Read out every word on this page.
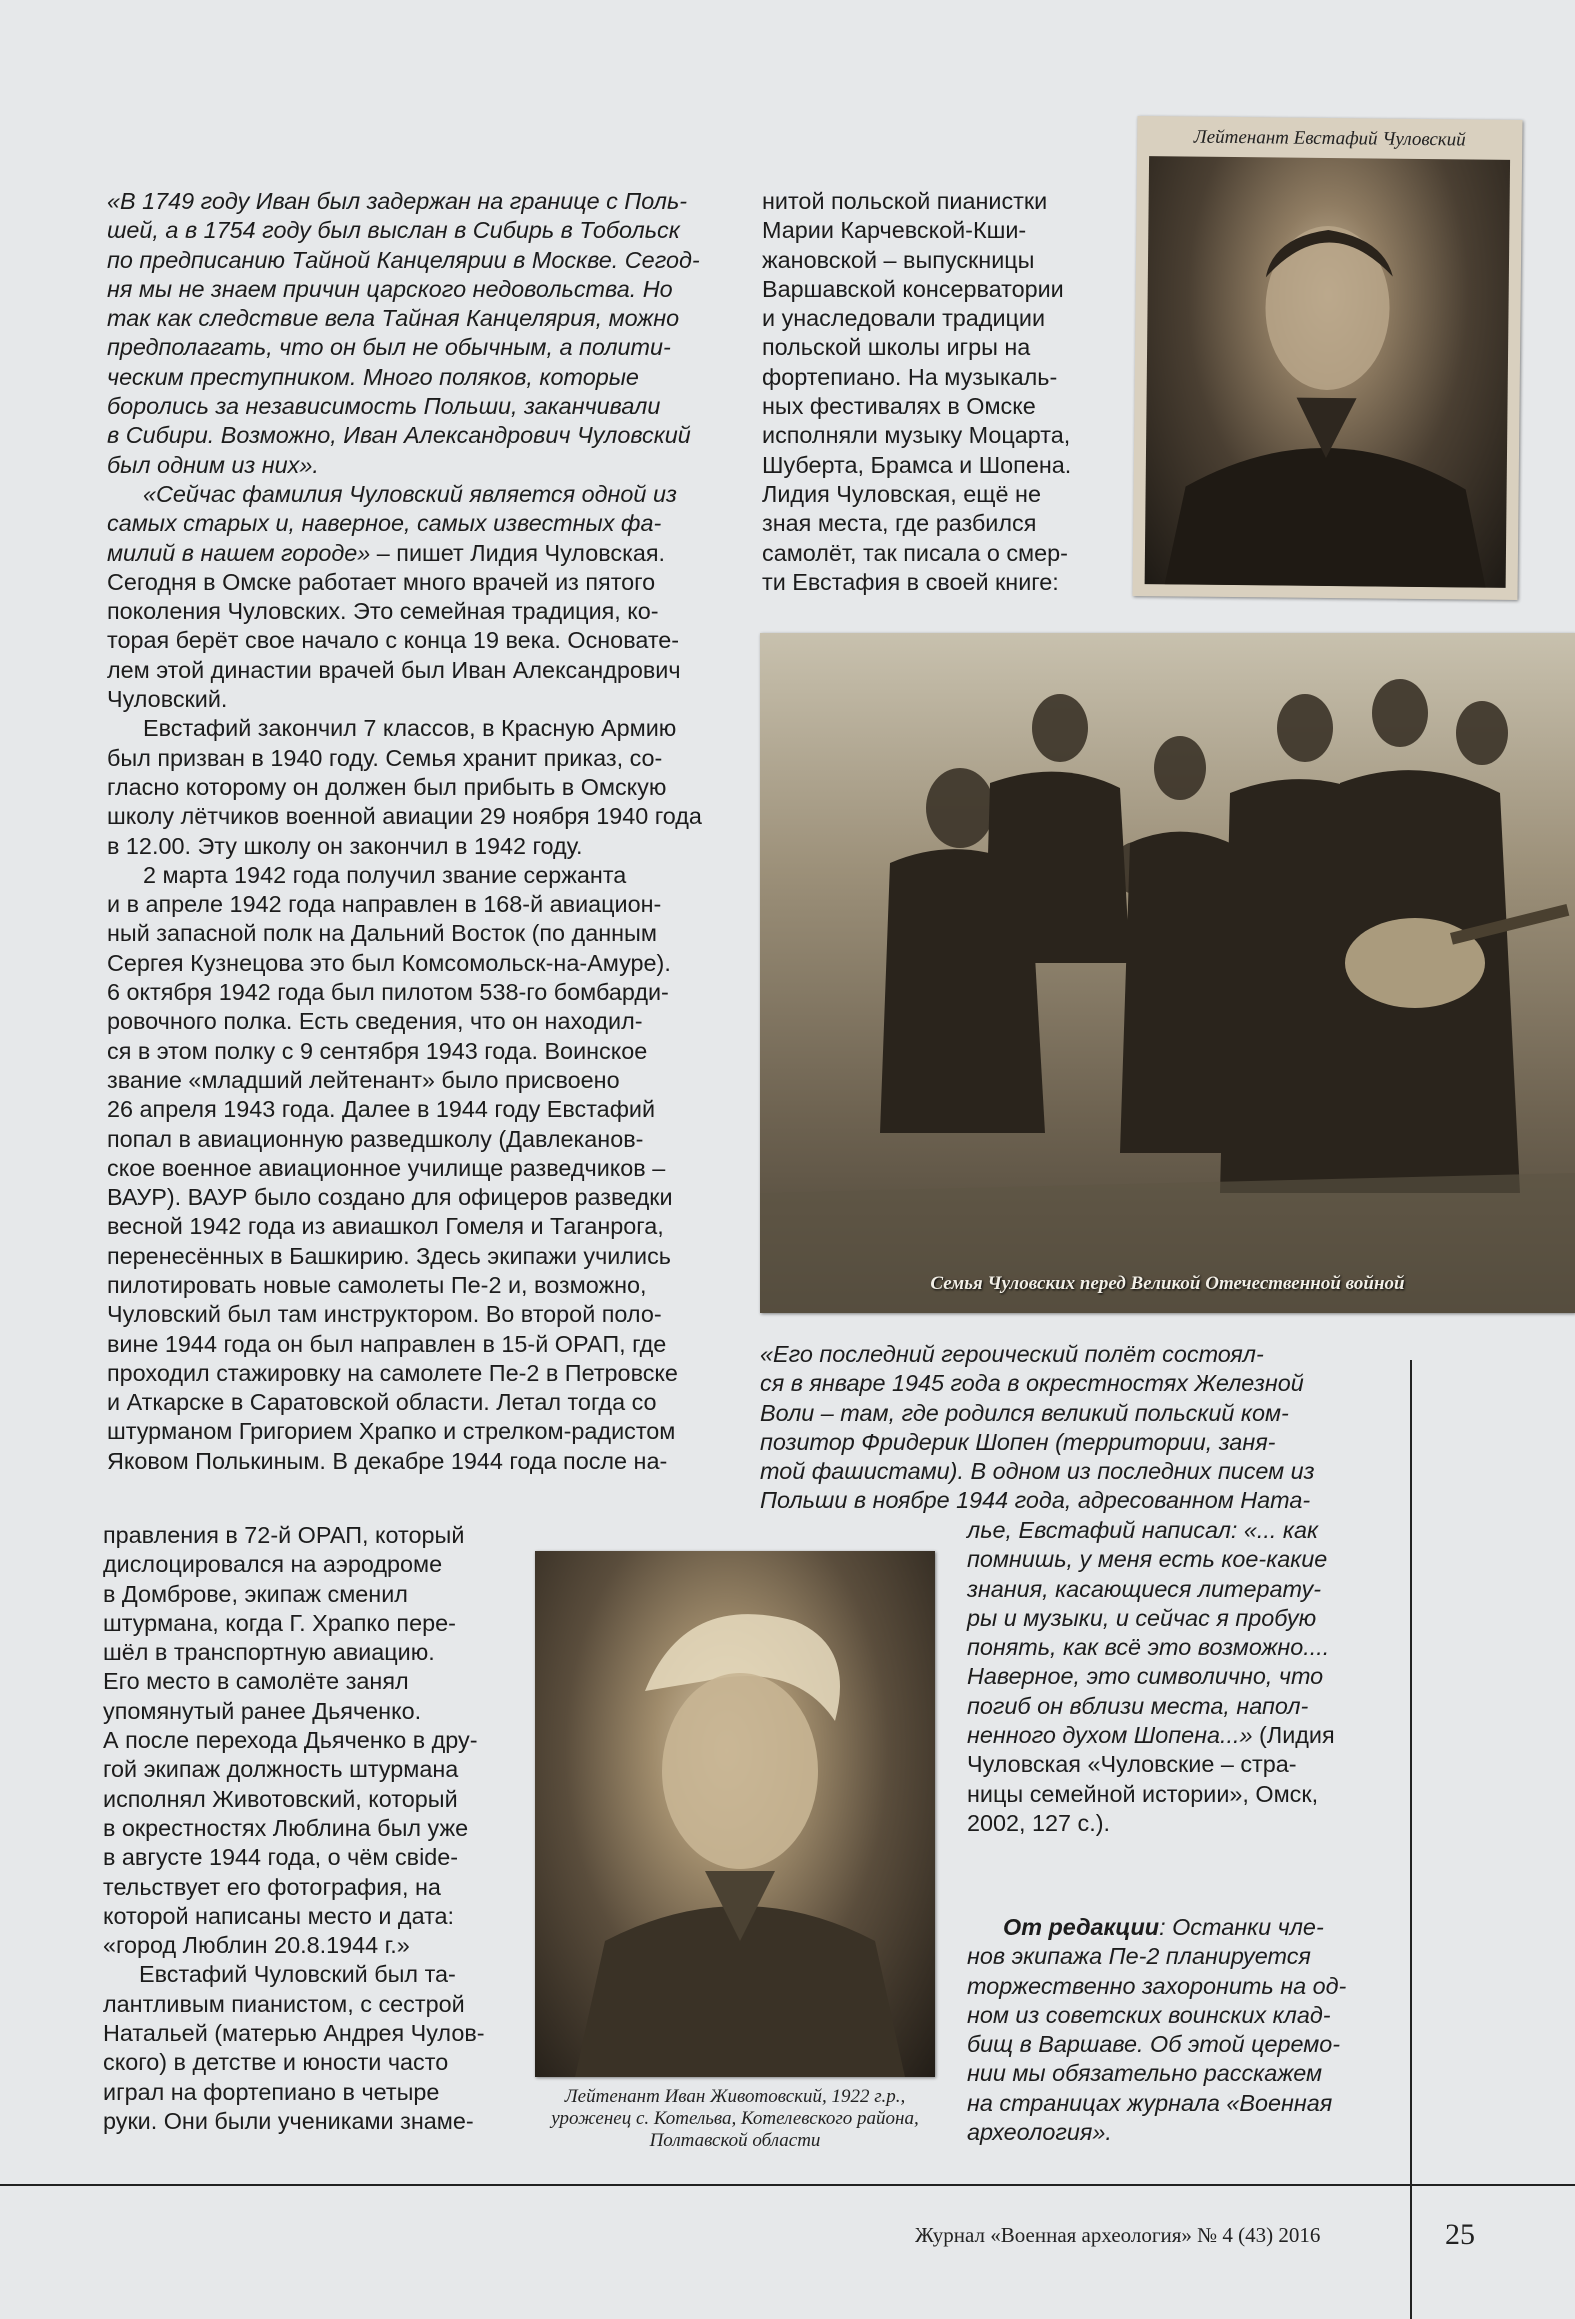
«В 1749 году Иван был задержан на границе с Поль-
шей, а в 1754 году был выслан в Сибирь в Тобольск
по предписанию Тайной Канцелярии в Москве. Сегод-
ня мы не знаем причин царского недовольства. Но
так как следствие вела Тайная Канцелярия, можно
предполагать, что он был не обычным, а полити-
ческим преступником. Много поляков, которые
боролись за независимость Польши, заканчивали
в Сибири. Возможно, Иван Александрович Чуловский
был одним из них».

«Сейчас фамилия Чуловский является одной из
самых старых и, наверное, самых известных фа-
милий в нашем городе» – пишет Лидия Чуловская.
Сегодня в Омске работает много врачей из пятого
поколения Чуловских. Это семейная традиция, ко-
торая берёт свое начало с конца 19 века. Основате-
лем этой династии врачей был Иван Александрович
Чуловский.

Евстафий закончил 7 классов, в Красную Армию
был призван в 1940 году. Семья хранит приказ, со-
гласно которому он должен был прибыть в Омскую
школу лётчиков военной авиации 29 ноября 1940 года
в 12.00. Эту школу он закончил в 1942 году.

2 марта 1942 года получил звание сержанта
и в апреле 1942 года направлен в 168-й авиацион-
ный запасной полк на Дальний Восток (по данным
Сергея Кузнецова это был Комсомольск-на-Амуре).
6 октября 1942 года был пилотом 538-го бомбарди-
ровочного полка. Есть сведения, что он находил-
ся в этом полку с 9 сентября 1943 года. Воинское
звание «младший лейтенант» было присвоено
26 апреля 1943 года. Далее в 1944 году Евстафий
попал в авиационную разведшколу (Давлеканов-
ское военное авиационное училище разведчиков –
ВАУР). ВАУР было создано для офицеров разведки
весной 1942 года из авиашкол Гомеля и Таганрога,
перенесённых в Башкирию. Здесь экипажи учились
пилотировать новые самолеты Пе-2 и, возможно,
Чуловский был там инструктором. Во второй поло-
вине 1944 года он был направлен в 15-й ОРАП, где
проходил стажировку на самолете Пе-2 в Петровске
и Аткарске в Саратовской области. Летал тогда со
штурманом Григорием Храпко и стрелком-радистом
Яковом Полькиным. В декабре 1944 года после на-

правления в 72-й ОРАП, который
дислоцировался на аэродроме
в Домброве, экипаж сменил
штурмана, когда Г. Храпко пере-
шёл в транспортную авиацию.
Его место в самолёте занял
упомянутый ранее Дьяченко.
А после перехода Дьяченко в дру-
гой экипаж должность штурмана
исполнял Животовский, который
в окрестностях Люблина был уже
в августе 1944 года, о чём свide-
тельствует его фотография, на
которой написаны место и дата:
«город Люблин 20.8.1944 г.»

Евстафий Чуловский был та-
лантливым пианистом, с сестрой
Натальей (матерью Андрея Чулов-
ского) в детстве и юности часто
играл на фортепиано в четыре
руки. Они были учениками знаме-

нитой польской пианистки
Марии Карчевской-Кши-
жановской – выпускницы
Варшавской консерватории
и унаследовали традиции
польской школы игры на
фортепиано. На музыкаль-
ных фестивалях в Омске
исполняли музыку Моцарта,
Шуберта, Брамса и Шопена.
Лидия Чуловская, ещё не
зная места, где разбился
самолёт, так писала о смер-
ти Евстафия в своей книге:

Лейтенант Евстафий Чуловский
Семья Чуловских перед Великой Отечественной войной

«Его последний героический полёт состоял-
ся в январе 1945 года в окрестностях Железной
Воли – там, где родился великий польский ком-
позитор Фридерик Шопен (территории, заня-
той фашистами). В одном из последних писем из
Польши в ноябре 1944 года, адресованном Ната-

лье, Евстафий написал: «... как
помнишь, у меня есть кое-какие
знания, касающиеся литерату-
ры и музыки, и сейчас я пробую
понять, как всё это возможно....
Наверное, это символично, что
погиб он вблизи места, напол-
ненного духом Шопена...» (Лидия
Чуловская «Чуловские – стра-
ницы семейной истории», Омск,
2002, 127 с.).

От редакции: Останки чле-
нов экипажа Пе-2 планируется
торжественно захоронить на од-
ном из советских воинских клад-
бищ в Варшаве. Об этой церемо-
нии мы обязательно расскажем
на страницах журнала «Военная
археология».

Лейтенант Иван Животовский, 1922 г.р.,
уроженец с. Котельва, Котелевского района,
Полтавской области
Журнал «Военная археология» № 4 (43) 2016	25
